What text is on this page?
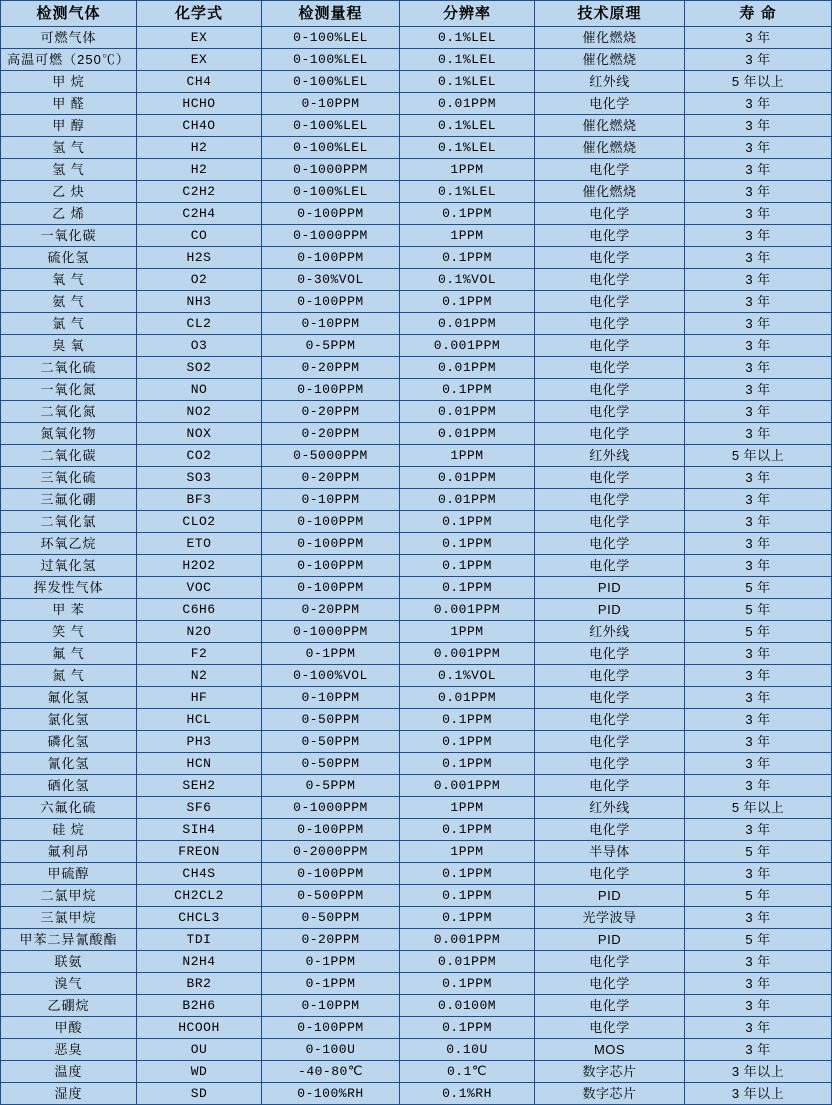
检测气体	化学式	检测量程	分辨率	技术原理	寿 命
可燃气体	EX	0-100%LEL	0.1%LEL	催化燃烧	3 年
高温可燃（250℃）	EX	0-100%LEL	0.1%LEL	催化燃烧	3 年
甲 烷	CH4	0-100%LEL	0.1%LEL	红外线	5 年以上
甲 醛	HCHO	0-10PPM	0.01PPM	电化学	3 年
甲 醇	CH4O	0-100%LEL	0.1%LEL	催化燃烧	3 年
氢 气	H2	0-100%LEL	0.1%LEL	催化燃烧	3 年
氢 气	H2	0-1000PPM	1PPM	电化学	3 年
乙 炔	C2H2	0-100%LEL	0.1%LEL	催化燃烧	3 年
乙 烯	C2H4	0-100PPM	0.1PPM	电化学	3 年
一氧化碳	CO	0-1000PPM	1PPM	电化学	3 年
硫化氢	H2S	0-100PPM	0.1PPM	电化学	3 年
氧 气	O2	0-30%VOL	0.1%VOL	电化学	3 年
氨 气	NH3	0-100PPM	0.1PPM	电化学	3 年
氯 气	CL2	0-10PPM	0.01PPM	电化学	3 年
臭 氧	O3	0-5PPM	0.001PPM	电化学	3 年
二氧化硫	SO2	0-20PPM	0.01PPM	电化学	3 年
一氧化氮	NO	0-100PPM	0.1PPM	电化学	3 年
二氧化氮	NO2	0-20PPM	0.01PPM	电化学	3 年
氮氧化物	NOX	0-20PPM	0.01PPM	电化学	3 年
二氧化碳	CO2	0-5000PPM	1PPM	红外线	5 年以上
三氧化硫	SO3	0-20PPM	0.01PPM	电化学	3 年
三氟化硼	BF3	0-10PPM	0.01PPM	电化学	3 年
二氧化氯	CLO2	0-100PPM	0.1PPM	电化学	3 年
环氧乙烷	ETO	0-100PPM	0.1PPM	电化学	3 年
过氧化氢	H2O2	0-100PPM	0.1PPM	电化学	3 年
挥发性气体	VOC	0-100PPM	0.1PPM	PID	5 年
甲 苯	C6H6	0-20PPM	0.001PPM	PID	5 年
笑 气	N2O	0-1000PPM	1PPM	红外线	5 年
氟 气	F2	0-1PPM	0.001PPM	电化学	3 年
氮 气	N2	0-100%VOL	0.1%VOL	电化学	3 年
氟化氢	HF	0-10PPM	0.01PPM	电化学	3 年
氯化氢	HCL	0-50PPM	0.1PPM	电化学	3 年
磷化氢	PH3	0-50PPM	0.1PPM	电化学	3 年
氰化氢	HCN	0-50PPM	0.1PPM	电化学	3 年
硒化氢	SEH2	0-5PPM	0.001PPM	电化学	3 年
六氟化硫	SF6	0-1000PPM	1PPM	红外线	5 年以上
硅 烷	SIH4	0-100PPM	0.1PPM	电化学	3 年
氟利昂	FREON	0-2000PPM	1PPM	半导体	5 年
甲硫醇	CH4S	0-100PPM	0.1PPM	电化学	3 年
二氯甲烷	CH2CL2	0-500PPM	0.1PPM	PID	5 年
三氯甲烷	CHCL3	0-50PPM	0.1PPM	光学波导	3 年
甲苯二异氰酸酯	TDI	0-20PPM	0.001PPM	PID	5 年
联氨	N2H4	0-1PPM	0.01PPM	电化学	3 年
溴气	BR2	0-1PPM	0.1PPM	电化学	3 年
乙硼烷	B2H6	0-10PPM	0.0100M	电化学	3 年
甲酸	HCOOH	0-100PPM	0.1PPM	电化学	3 年
恶臭	OU	0-100U	0.10U	MOS	3 年
温度	WD	-40-80℃	0.1℃	数字芯片	3 年以上
湿度	SD	0-100%RH	0.1%RH	数字芯片	3 年以上
